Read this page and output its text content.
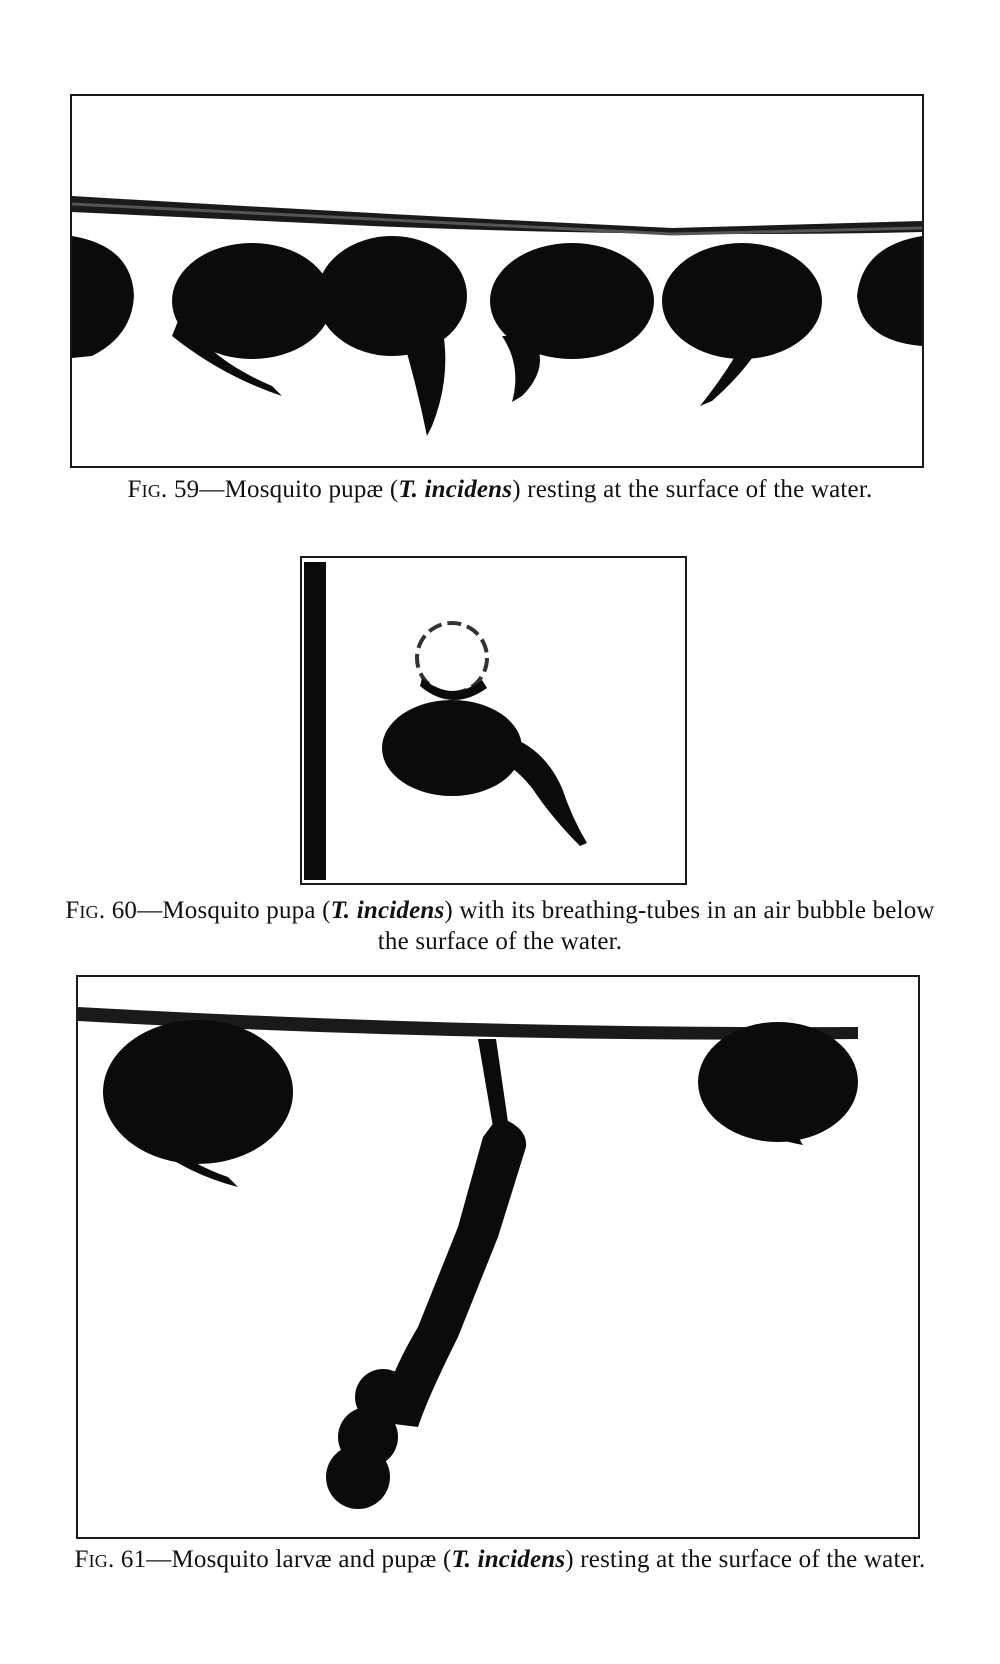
Fig. 59—Mosquito pupæ (T. incidens) resting at the surface of the water.
Fig. 60—Mosquito pupa (T. incidens) with its breathing-tubes in an air bubble below the surface of the water.
Fig. 61—Mosquito larvæ and pupæ (T. incidens) resting at the surface of the water.
